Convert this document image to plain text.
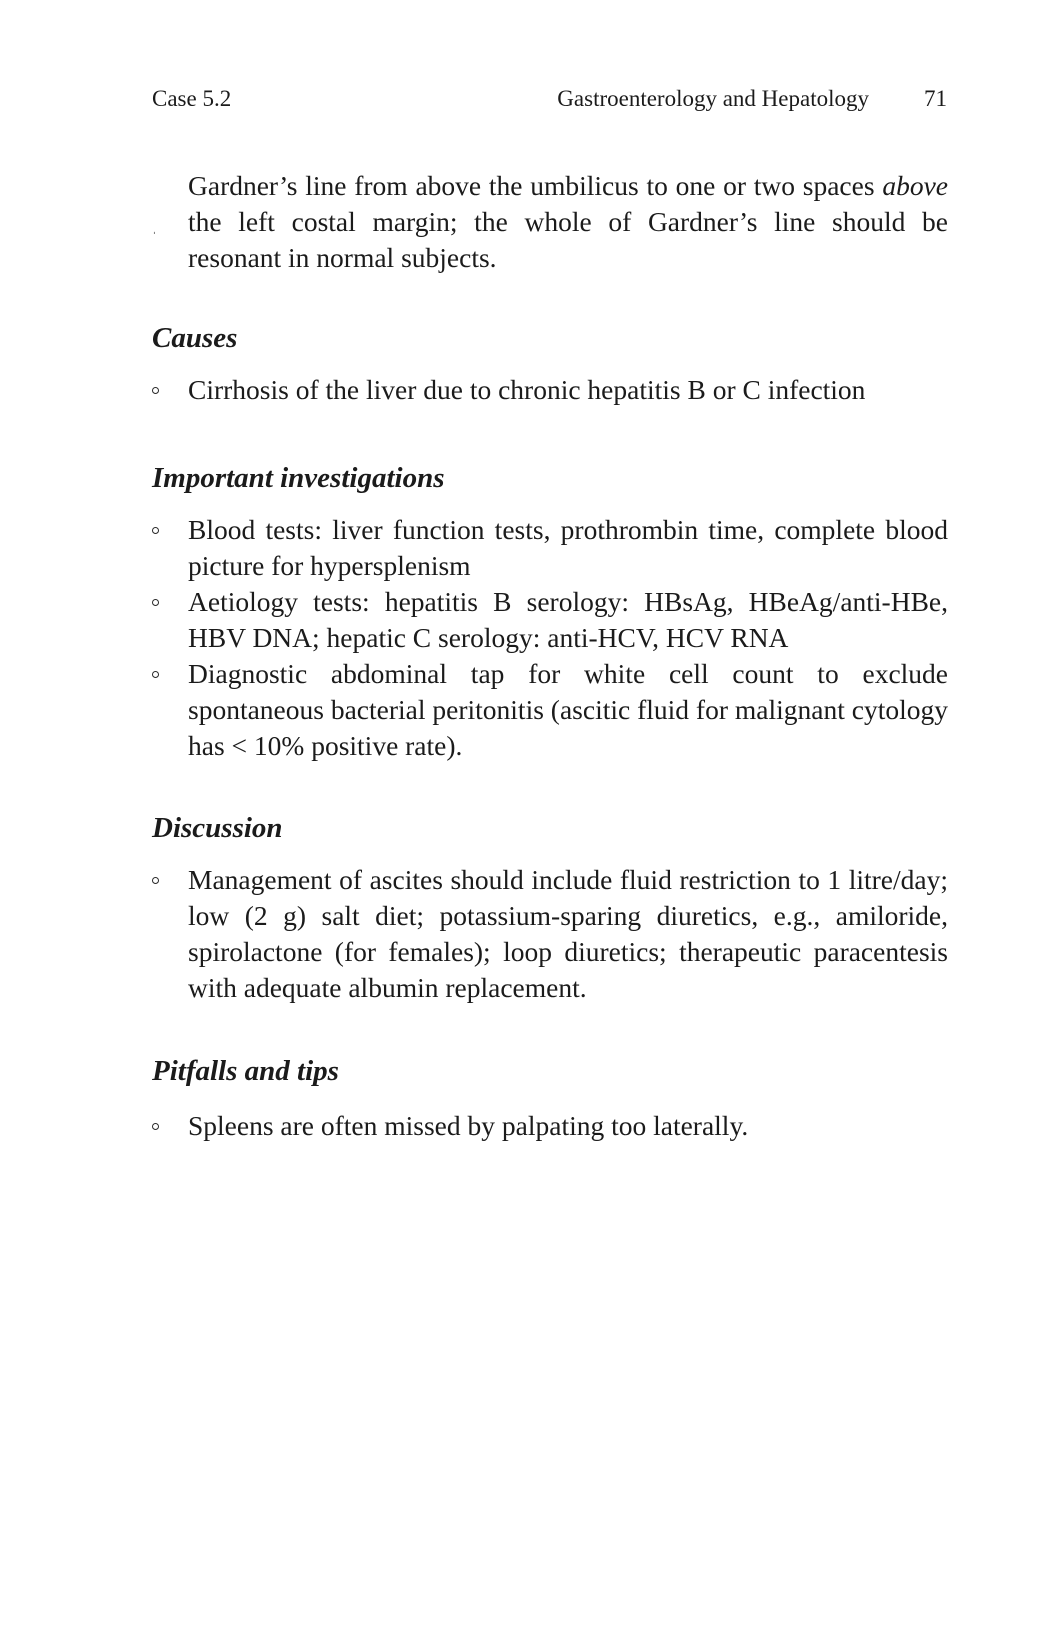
Case 5.2	Gastroenterology and Hepatology 71
ˌ

Gardner’s line from above the umbilicus to one or two spaces above the left costal margin; the whole of Gardner’s line should be resonant in normal subjects.

Causes
Cirrhosis of the liver due to chronic hepatitis B or C infection
Important investigations
Blood tests: liver function tests, prothrombin time, complete blood picture for hypersplenism
Aetiology tests: hepatitis B serology: HBsAg, HBeAg/anti-HBe, HBV DNA; hepatic C serology: anti-HCV, HCV RNA
Diagnostic abdominal tap for white cell count to exclude spontaneous bacterial peritonitis (ascitic fluid for malignant cytology has < 10% positive rate).
Discussion
Management of ascites should include fluid restriction to 1 litre/day; low (2 g) salt diet; potassium-sparing diuretics, e.g., amiloride, spirolactone (for females); loop diuretics; therapeutic paracentesis with adequate albumin replacement.
Pitfalls and tips
Spleens are often missed by palpating too laterally.
